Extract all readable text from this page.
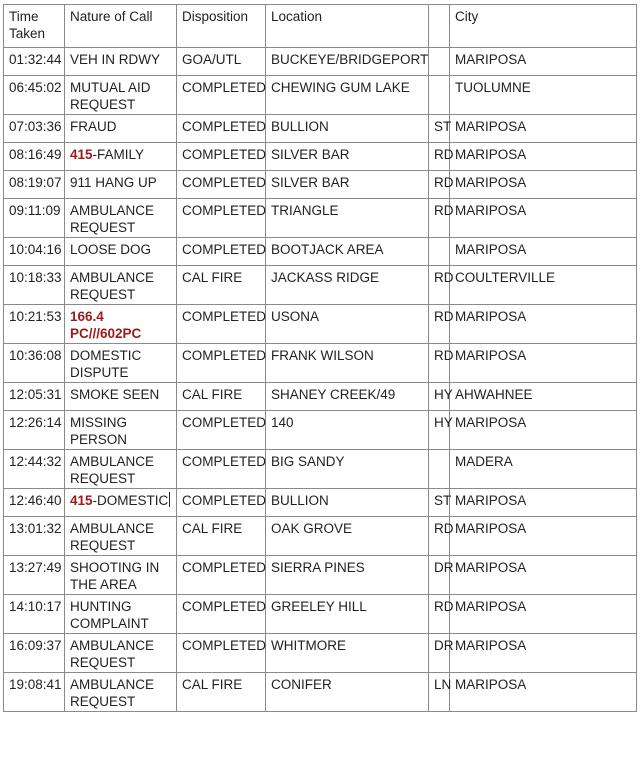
Time Taken	Nature of Call	Disposition	Location		City
01:32:44	VEH IN RDWY	GOA/UTL	BUCKEYE/BRIDGEPORT		MARIPOSA
06:45:02	MUTUAL AID REQUEST	COMPLETED	CHEWING GUM LAKE		TUOLUMNE
07:03:36	FRAUD	COMPLETED	BULLION	ST	MARIPOSA
08:16:49	415-FAMILY	COMPLETED	SILVER BAR	RD	MARIPOSA
08:19:07	911 HANG UP	COMPLETED	SILVER BAR	RD	MARIPOSA
09:11:09	AMBULANCE REQUEST	COMPLETED	TRIANGLE	RD	MARIPOSA
10:04:16	LOOSE DOG	COMPLETED	BOOTJACK AREA		MARIPOSA
10:18:33	AMBULANCE REQUEST	CAL FIRE	JACKASS RIDGE	RD	COULTERVILLE
10:21:53	166.4 PC///602PC	COMPLETED	USONA	RD	MARIPOSA
10:36:08	DOMESTIC DISPUTE	COMPLETED	FRANK WILSON	RD	MARIPOSA
12:05:31	SMOKE SEEN	CAL FIRE	SHANEY CREEK/49	HY	AHWAHNEE
12:26:14	MISSING PERSON	COMPLETED	140	HY	MARIPOSA
12:44:32	AMBULANCE REQUEST	COMPLETED	BIG SANDY		MADERA
12:46:40	415-DOMESTIC	COMPLETED	BULLION	ST	MARIPOSA
13:01:32	AMBULANCE REQUEST	CAL FIRE	OAK GROVE	RD	MARIPOSA
13:27:49	SHOOTING IN THE AREA	COMPLETED	SIERRA PINES	DR	MARIPOSA
14:10:17	HUNTING COMPLAINT	COMPLETED	GREELEY HILL	RD	MARIPOSA
16:09:37	AMBULANCE REQUEST	COMPLETED	WHITMORE	DR	MARIPOSA
19:08:41	AMBULANCE REQUEST	CAL FIRE	CONIFER	LN	MARIPOSA
